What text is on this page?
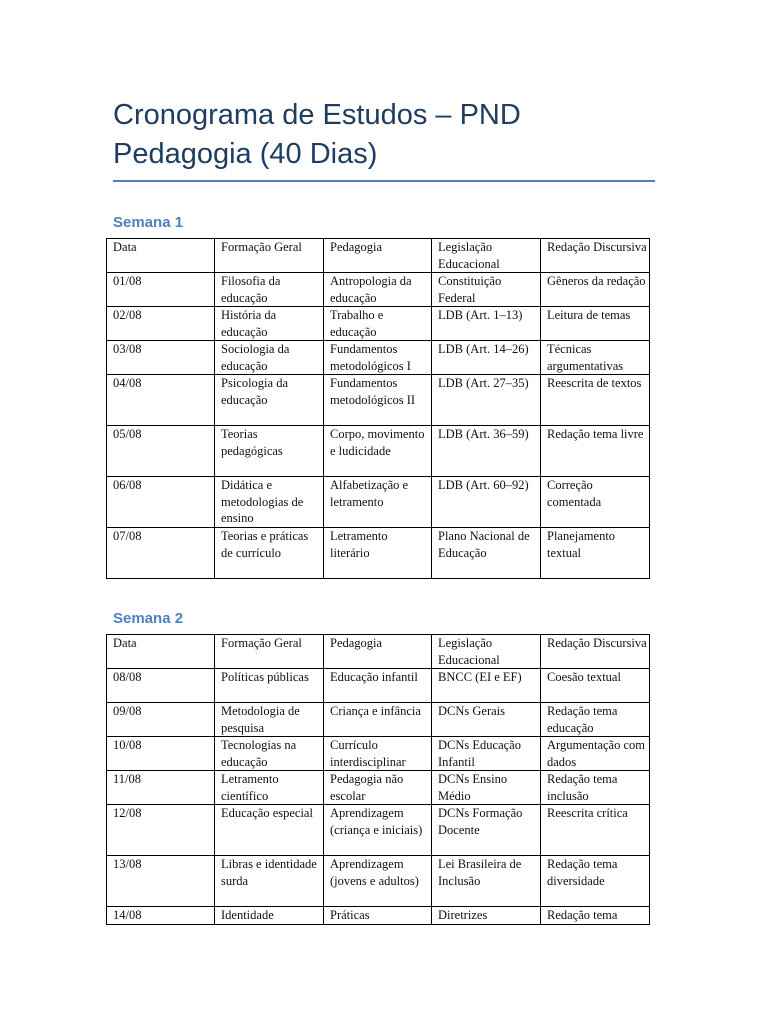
Cronograma de Estudos – PND Pedagogia (40 Dias)
Semana 1
Data	Formação Geral	Pedagogia	Legislação Educacional	Redação Discursiva
01/08	Filosofia da educação	Antropologia da educação	Constituição Federal	Gêneros da redação
02/08	História da educação	Trabalho e educação	LDB (Art. 1–13)	Leitura de temas
03/08	Sociologia da educação	Fundamentos metodológicos I	LDB (Art. 14–26)	Técnicas argumentativas
04/08	Psicologia da educação	Fundamentos metodológicos II	LDB (Art. 27–35)	Reescrita de textos
05/08	Teorias pedagógicas	Corpo, movimento e ludicidade	LDB (Art. 36–59)	Redação tema livre
06/08	Didática e metodologias de ensino	Alfabetização e letramento	LDB (Art. 60–92)	Correção comentada
07/08	Teorias e práticas de currículo	Letramento literário	Plano Nacional de Educação	Planejamento textual
Semana 2
Data	Formação Geral	Pedagogia	Legislação Educacional	Redação Discursiva
08/08	Políticas públicas	Educação infantil	BNCC (EI e EF)	Coesão textual
09/08	Metodologia de pesquisa	Criança e infância	DCNs Gerais	Redação tema educação
10/08	Tecnologias na educação	Currículo interdisciplinar	DCNs Educação Infantil	Argumentação com dados
11/08	Letramento científico	Pedagogia não escolar	DCNs Ensino Médio	Redação tema inclusão
12/08	Educação especial	Aprendizagem (criança e iniciais)	DCNs Formação Docente	Reescrita crítica
13/08	Libras e identidade surda	Aprendizagem (jovens e adultos)	Lei Brasileira de Inclusão	Redação tema diversidade
14/08	Identidade	Práticas	Diretrizes	Redação tema
